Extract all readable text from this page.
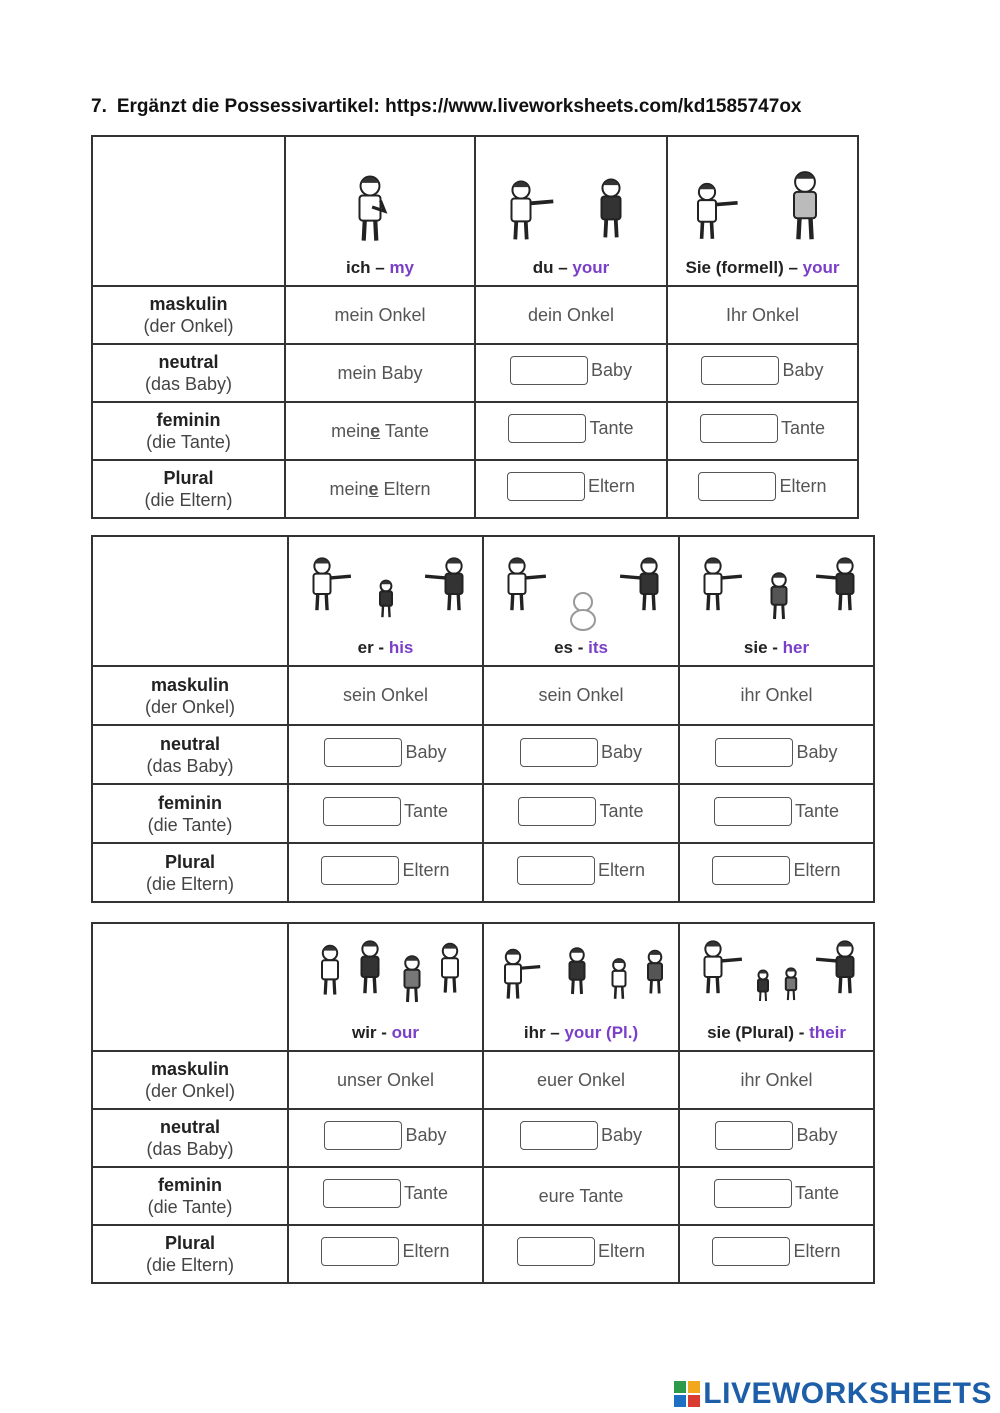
7. Ergänzt die Possessivartikel: https://www.liveworksheets.com/kd1585747ox

	ich – my	du – your	Sie (formell) – your

maskulin
(der Onkel)	mein Onkel	dein Onkel	Ihr Onkel

neutral
(das Baby)	mein Baby	Baby	Baby

feminin
(die Tante)	meine Tante	Tante	Tante

Plural
(die Eltern)	meine Eltern	Eltern	Eltern

	er - his	es - its	sie - her

maskulin
(der Onkel)	sein Onkel	sein Onkel	ihr Onkel

neutral
(das Baby)	Baby	Baby	Baby

feminin
(die Tante)	Tante	Tante	Tante

Plural
(die Eltern)	Eltern	Eltern	Eltern

	wir - our	ihr – your (Pl.)	sie (Plural) - their

maskulin
(der Onkel)	unser Onkel	euer Onkel	ihr Onkel

neutral
(das Baby)	Baby	Baby	Baby

feminin
(die Tante)	Tante	eure Tante	Tante

Plural
(die Eltern)	Eltern	Eltern	Eltern
LIVEWORKSHEETS
